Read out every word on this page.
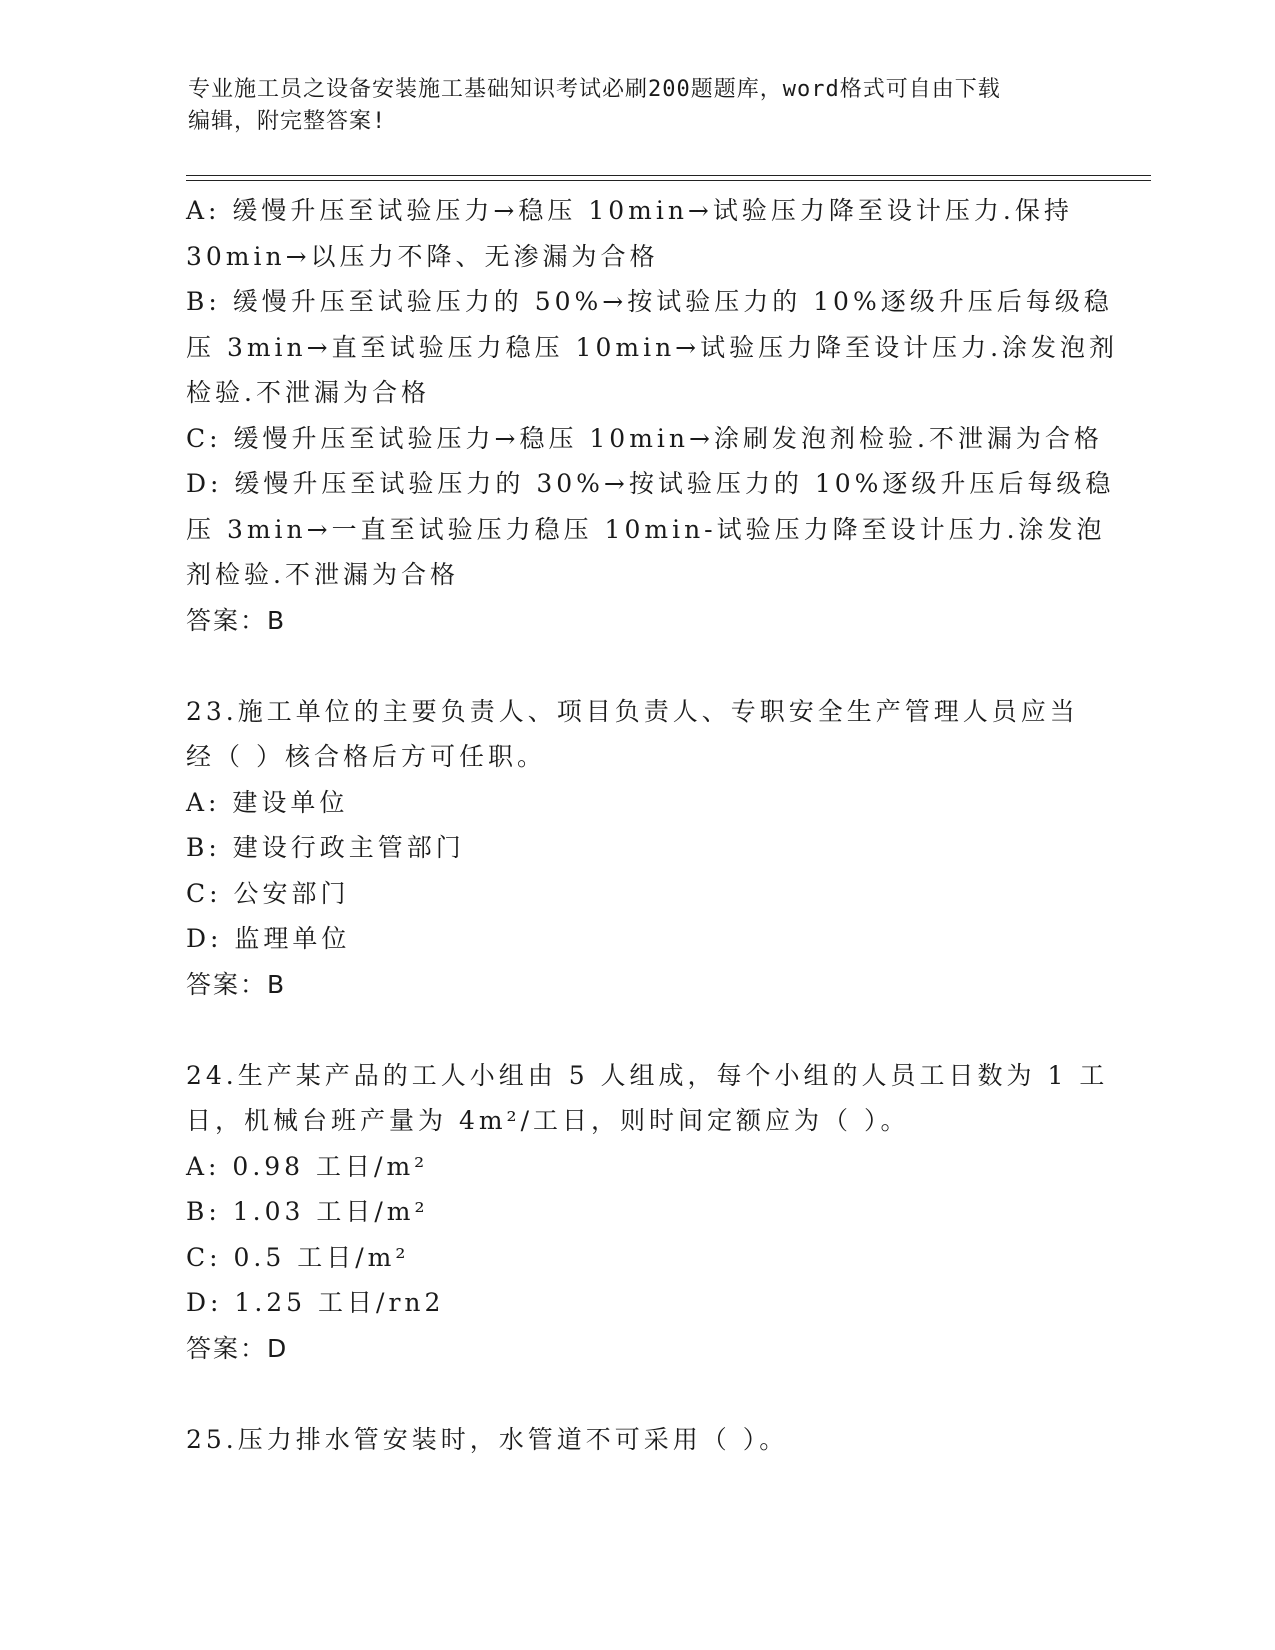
专业施工员之设备安装施工基础知识考试必刷200题题库，word格式可自由下载
编辑，附完整答案!
A: 缓慢升压至试验压力→稳压 10min→试验压力降至设计压力.保持
30min→以压力不降、无渗漏为合格
B: 缓慢升压至试验压力的 50%→按试验压力的 10%逐级升压后每级稳
压 3min→直至试验压力稳压 10min→试验压力降至设计压力.涂发泡剂
检验.不泄漏为合格
C: 缓慢升压至试验压力→稳压 10min→涂刷发泡剂检验.不泄漏为合格
D: 缓慢升压至试验压力的 30%→按试验压力的 10%逐级升压后每级稳
压 3min→一直至试验压力稳压 10min-试验压力降至设计压力.涂发泡
剂检验.不泄漏为合格
答案：B
23.施工单位的主要负责人、项目负责人、专职安全生产管理人员应当
经（ ）核合格后方可任职。
A: 建设单位
B: 建设行政主管部门
C: 公安部门
D: 监理单位
答案：B
24.生产某产品的工人小组由 5 人组成，每个小组的人员工日数为 1 工
日，机械台班产量为 4m²/工日，则时间定额应为（ ）。
A: 0.98 工日/m²
B: 1.03 工日/m²
C: 0.5 工日/m²
D: 1.25 工日/rn2
答案：D
25.压力排水管安装时，水管道不可采用（ ）。
